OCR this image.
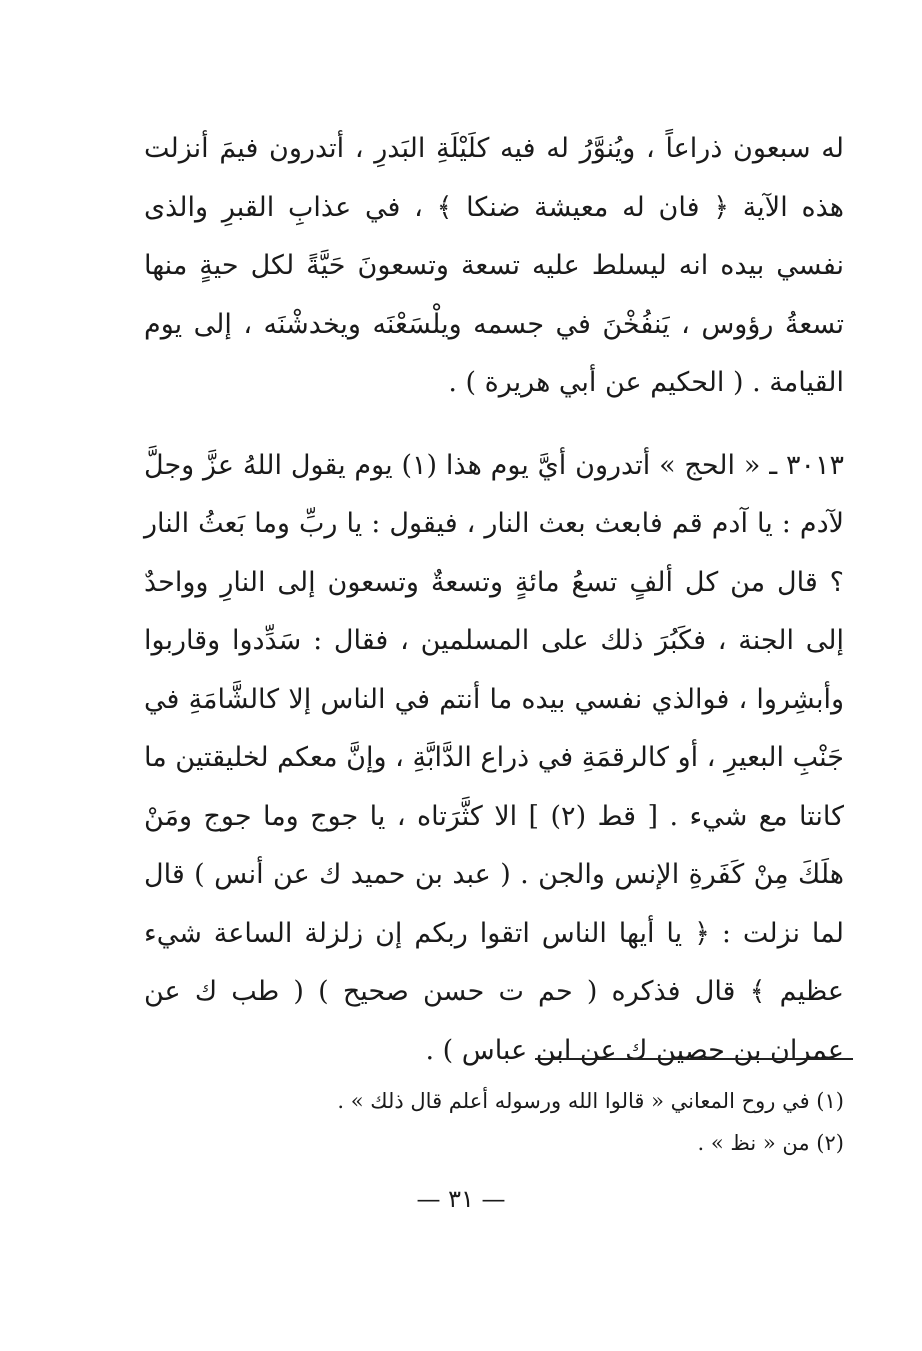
له سبعون ذراعاً ، ويُنوَّرُ له فيه كلَيْلَةِ البَدرِ ، أتدرون فيمَ أنزلت هذه الآية ﴿ فان له معيشة ضنكا ﴾ ، في عذابِ القبرِ والذى نفسي بيده انه ليسلط عليه تسعة وتسعونَ حَيَّةً لكل حيةٍ منها تسعةُ رؤوس ، يَنفُخْنَ في جسمه ويلْسَعْنَه ويخدشْنَه ، إلى يوم القيامة . ( الحكيم عن أبي هريرة ) .

٣٠١٣ ـ « الحج » أتدرون أيَّ يوم هذا (١) يوم يقول اللهُ عزَّ وجلَّ لآدم : يا آدم قم فابعث بعث النار ، فيقول : يا ربِّ وما بَعثُ النار ؟ قال من كل ألفٍ تسعُ مائةٍ وتسعةٌ وتسعون إلى النارِ وواحدٌ إلى الجنة ، فكَبُرَ ذلك على المسلمين ، فقال : سَدِّدوا وقاربوا وأبشِروا ، فوالذي نفسي بيده ما أنتم في الناس إلا كالشَّامَةِ في جَنْبِ البعيرِ ، أو كالرقمَةِ في ذراع الدَّابَّةِ ، وإنَّ معكم لخليقتين ما كانتا مع شيء . [ قط (٢) ] الا كثَّرَتاه ، يا جوج وما جوج ومَنْ هلَكَ مِنْ كَفَرةِ الإنس والجن . ( عبد بن حميد ك عن أنس ) قال لما نزلت : ﴿ يا أيها الناس اتقوا ربكم إن زلزلة الساعة شيء عظيم ﴾ قال فذكره ( حم ت حسن صحيح ) ( طب ك عن عمران بن حصين ك عن ابن عباس ) .

(١) في روح المعاني « قالوا الله ورسوله أعلم قال ذلك » .

(٢) من « نظ » .

— ٣١ —
